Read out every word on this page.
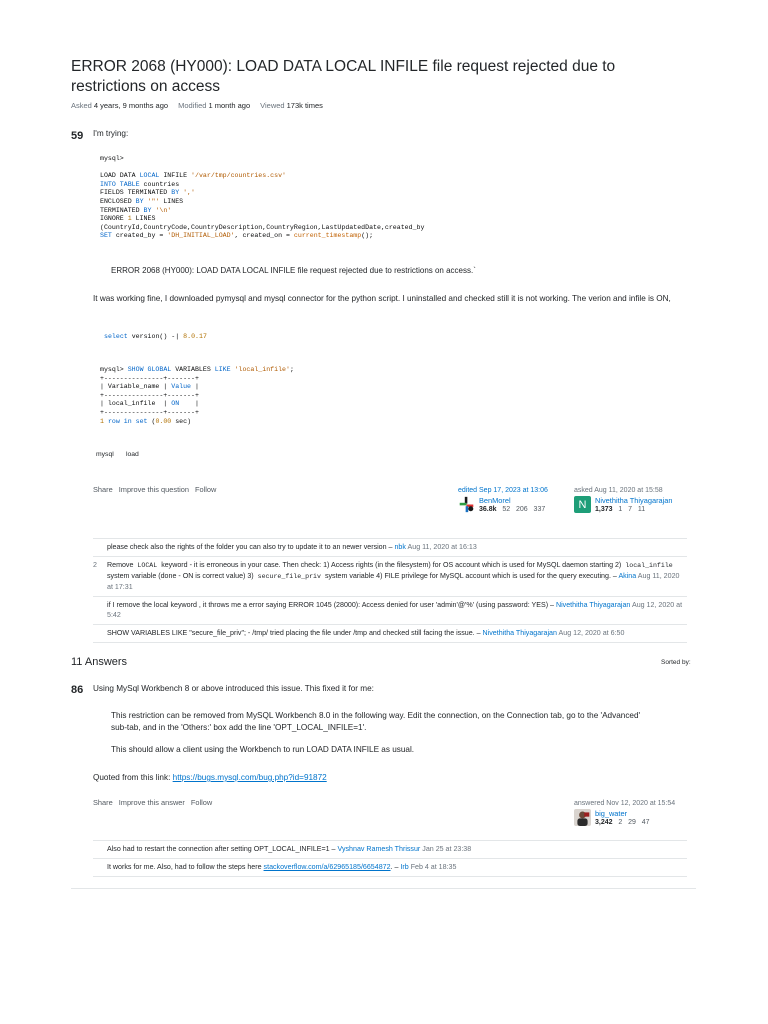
ERROR 2068 (HY000): LOAD DATA LOCAL INFILE file request rejected due to restrictions on access
Asked 4 years, 9 months ago Modified 1 month ago Viewed 173k times
59 I'm trying:
mysql>

LOAD DATA LOCAL INFILE '/var/tmp/countries.csv'
INTO TABLE countries
FIELDS TERMINATED BY ','
ENCLOSED BY '"' LINES
TERMINATED BY '\n'
IGNORE 1 LINES
(CountryId,CountryCode,CountryDescription,CountryRegion,LastUpdatedDate,created_by
SET created_by = 'DH_INITIAL_LOAD', created_on = current_timestamp();
ERROR 2068 (HY000): LOAD DATA LOCAL INFILE file request rejected due to restrictions on access.`
It was working fine, I downloaded pymysql and mysql connector for the python script. I uninstalled and checked still it is not working. The verion and infile is ON,
select version() -| 8.0.17
mysql> SHOW GLOBAL VARIABLES LIKE 'local_infile';
+---------------+-------+
| Variable_name | Value |
+---------------+-------+
| local_infile  | ON    |
+---------------+-------+
1 row in set (0.00 sec)
mysql load
Share Improve this question Follow	edited Sep 17, 2023 at 13:06
BenMorel
36.8k 52 206 337
asked Aug 11, 2020 at 15:58
N	Nivethitha Thiyagarajan
1,373 1 7 11
please check also the rights of the folder you can also try to update it to an newer version – nbk Aug 11, 2020 at 16:13
2	Remove LOCAL keyword - it is erroneous in your case. Then check: 1) Access rights (in the filesystem) for OS account which is used for MySQL daemon starting 2) local_infile system variable (done - ON is correct value) 3) secure_file_priv system variable 4) FILE privilege for MySQL account which is used for the query executing. – Akina Aug 11, 2020 at 17:31
if I remove the local keyword , it throws me a error saying ERROR 1045 (28000): Access denied for user 'admin'@'%' (using password: YES) – Nivethitha Thiyagarajan Aug 12, 2020 at 5:42
SHOW VARIABLES LIKE "secure_file_priv"; - /tmp/ tried placing the file under /tmp and checked still facing the issue. – Nivethitha Thiyagarajan Aug 12, 2020 at 6:50
11 Answers	Sorted by:
86 Using MySql Workbench 8 or above introduced this issue. This fixed it for me:
This restriction can be removed from MySQL Workbench 8.0 in the following way. Edit the connection, on the Connection tab, go to the 'Advanced' sub-tab, and in the 'Others:' box add the line 'OPT_LOCAL_INFILE=1'.
This should allow a client using the Workbench to run LOAD DATA INFILE as usual.
Quoted from this link: https://bugs.mysql.com/bug.php?id=91872
Share Improve this answer Follow	answered Nov 12, 2020 at 15:54
big_water
3,242 2 29 47
Also had to restart the connection after setting OPT_LOCAL_INFILE=1 – Vyshnav Ramesh Thrissur Jan 25 at 23:38
It works for me. Also, had to follow the steps here stackoverflow.com/a/62965185/6654872. – Irb Feb 4 at 18:35
